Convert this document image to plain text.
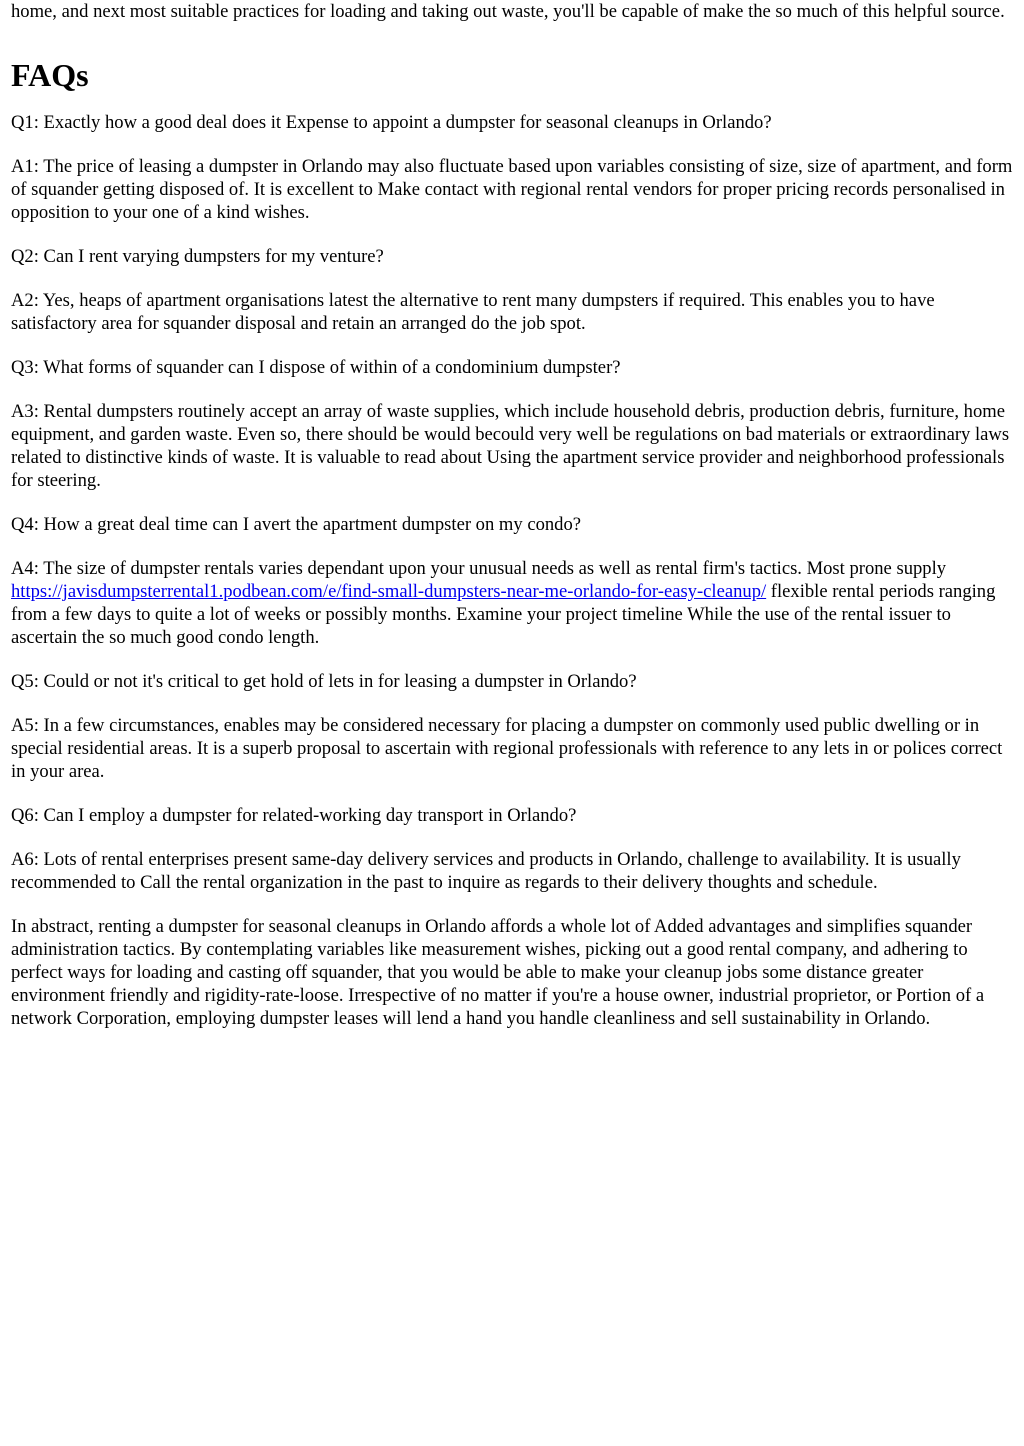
home, and next most suitable practices for loading and taking out waste, you'll be capable of make the so much of this helpful source.

FAQs

Q1: Exactly how a good deal does it Expense to appoint a dumpster for seasonal cleanups in Orlando?

A1: The price of leasing a dumpster in Orlando may also fluctuate based upon variables consisting of size, size of apartment, and form of squander getting disposed of. It is excellent to Make contact with regional rental vendors for proper pricing records personalised in opposition to your one of a kind wishes.

Q2: Can I rent varying dumpsters for my venture?

A2: Yes, heaps of apartment organisations latest the alternative to rent many dumpsters if required. This enables you to have satisfactory area for squander disposal and retain an arranged do the job spot.

Q3: What forms of squander can I dispose of within of a condominium dumpster?

A3: Rental dumpsters routinely accept an array of waste supplies, which include household debris, production debris, furniture, home equipment, and garden waste. Even so, there should be would becould very well be regulations on bad materials or extraordinary laws related to distinctive kinds of waste. It is valuable to read about Using the apartment service provider and neighborhood professionals for steering.

Q4: How a great deal time can I avert the apartment dumpster on my condo?

A4: The size of dumpster rentals varies dependant upon your unusual needs as well as rental firm's tactics. Most prone supply https://javisdumpsterrental1.podbean.com/e/find-small-dumpsters-near-me-orlando-for-easy-cleanup/ flexible rental periods ranging from a few days to quite a lot of weeks or possibly months. Examine your project timeline While the use of the rental issuer to ascertain the so much good condo length.

Q5: Could or not it's critical to get hold of lets in for leasing a dumpster in Orlando?

A5: In a few circumstances, enables may be considered necessary for placing a dumpster on commonly used public dwelling or in special residential areas. It is a superb proposal to ascertain with regional professionals with reference to any lets in or polices correct in your area.

Q6: Can I employ a dumpster for related-working day transport in Orlando?

A6: Lots of rental enterprises present same-day delivery services and products in Orlando, challenge to availability. It is usually recommended to Call the rental organization in the past to inquire as regards to their delivery thoughts and schedule.

In abstract, renting a dumpster for seasonal cleanups in Orlando affords a whole lot of Added advantages and simplifies squander administration tactics. By contemplating variables like measurement wishes, picking out a good rental company, and adhering to perfect ways for loading and casting off squander, that you would be able to make your cleanup jobs some distance greater environment friendly and rigidity-rate-loose. Irrespective of no matter if you're a house owner, industrial proprietor, or Portion of a network Corporation, employing dumpster leases will lend a hand you handle cleanliness and sell sustainability in Orlando.
